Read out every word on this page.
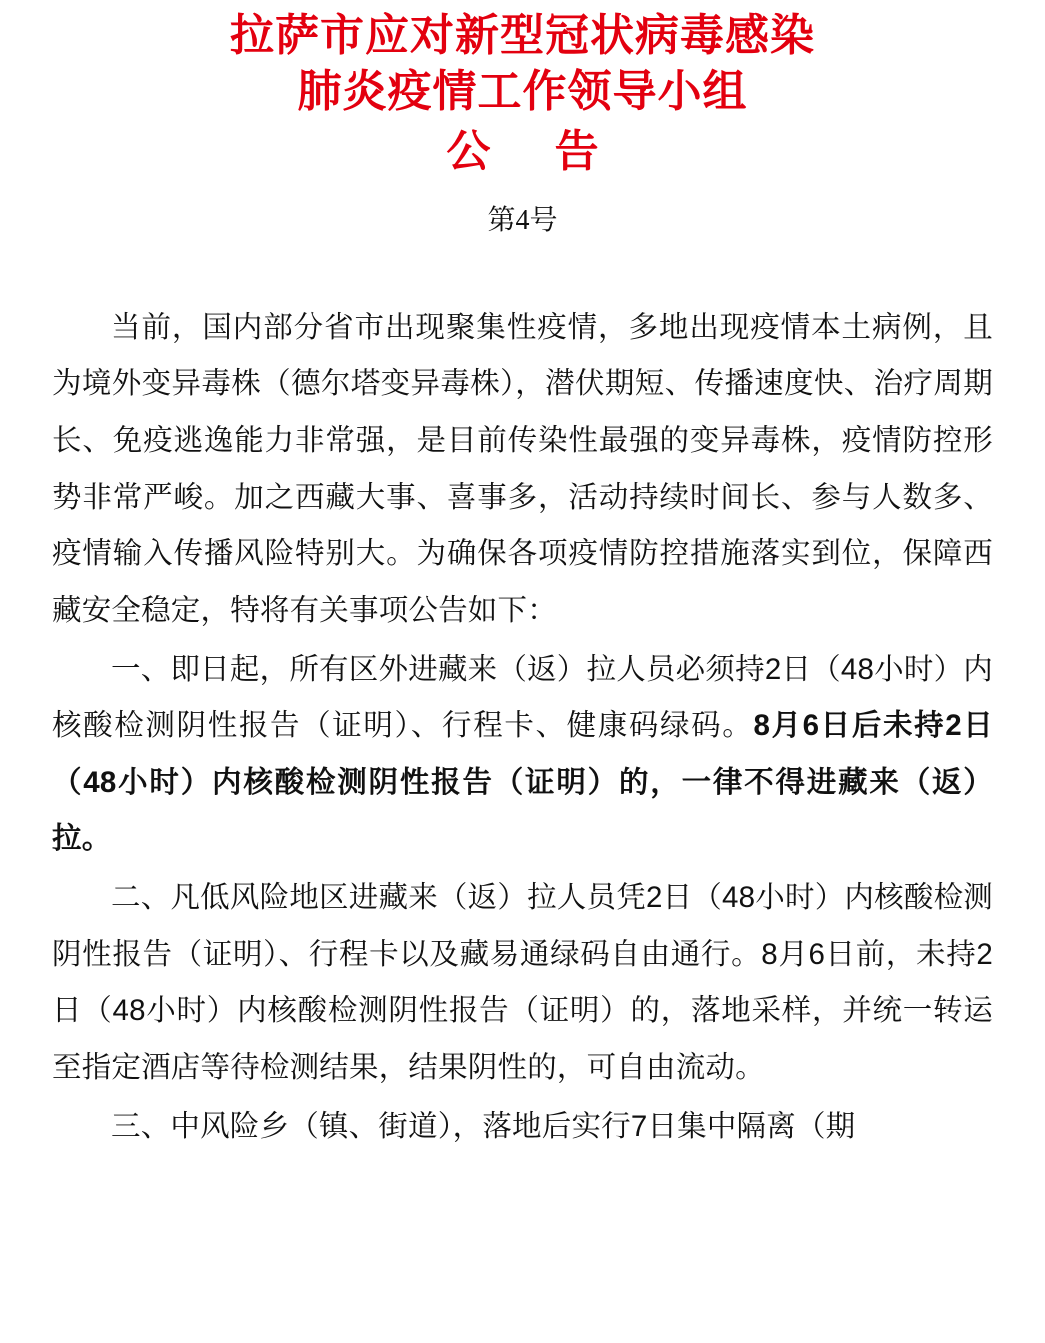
拉萨市应对新型冠状病毒感染
肺炎疫情工作领导小组
公 告
第4号

当前，国内部分省市出现聚集性疫情，多地出现疫情本土病例，且为境外变异毒株（德尔塔变异毒株），潜伏期短、传播速度快、治疗周期长、免疫逃逸能力非常强，是目前传染性最强的变异毒株，疫情防控形势非常严峻。加之西藏大事、喜事多，活动持续时间长、参与人数多、疫情输入传播风险特别大。为确保各项疫情防控措施落实到位，保障西藏安全稳定，特将有关事项公告如下：

一、即日起，所有区外进藏来（返）拉人员必须持2日（48小时）内核酸检测阴性报告（证明）、行程卡、健康码绿码。8月6日后未持2日（48小时）内核酸检测阴性报告（证明）的，一律不得进藏来（返）拉。

二、凡低风险地区进藏来（返）拉人员凭2日（48小时）内核酸检测阴性报告（证明）、行程卡以及藏易通绿码自由通行。8月6日前，未持2日（48小时）内核酸检测阴性报告（证明）的，落地采样，并统一转运至指定酒店等待检测结果，结果阴性的，可自由流动。

三、中风险乡（镇、街道），落地后实行7日集中隔离（期
